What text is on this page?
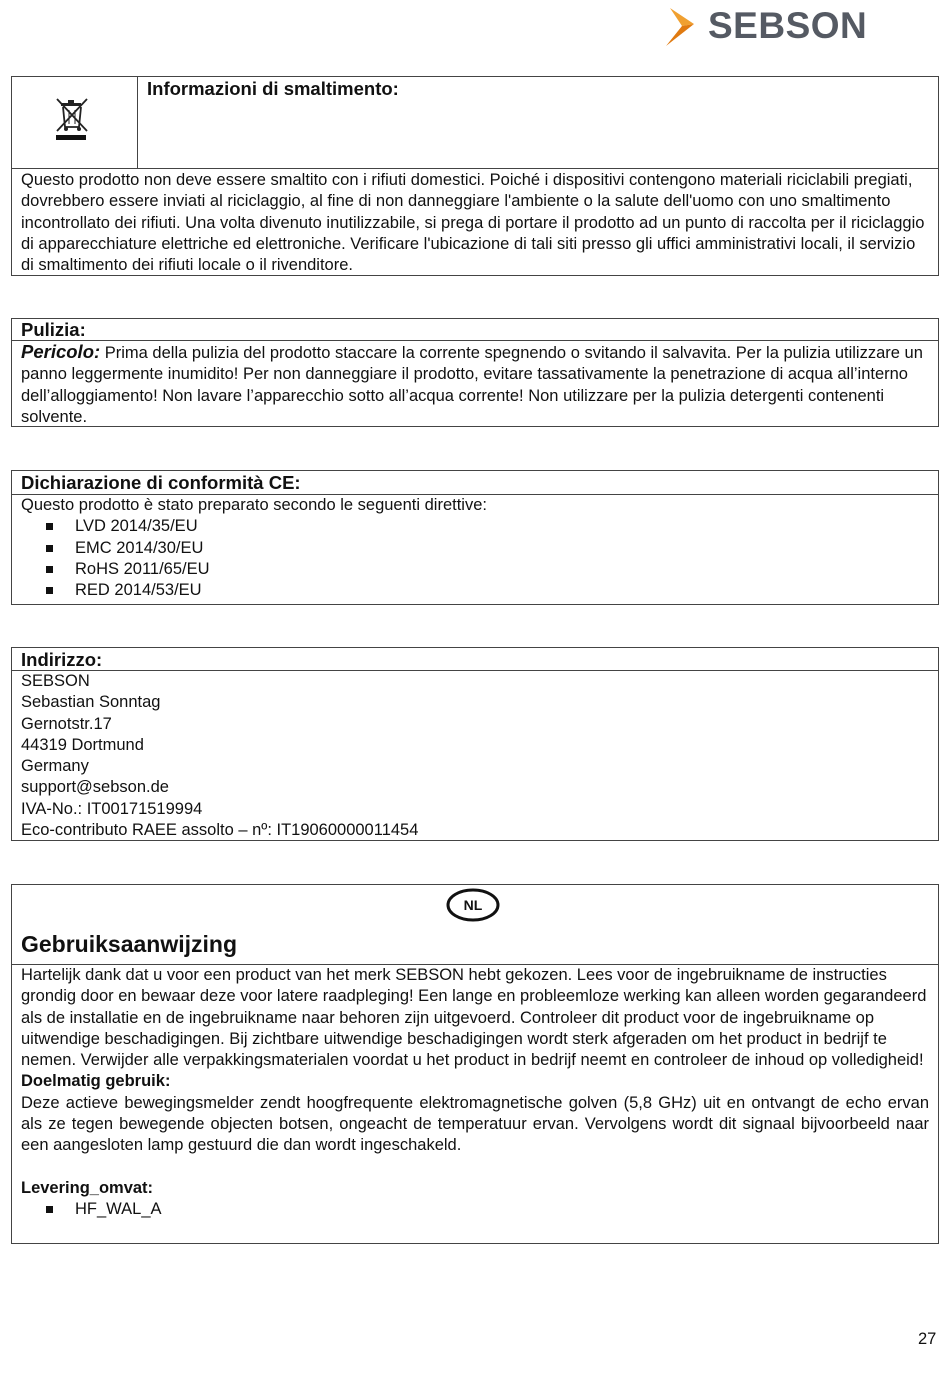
SEBSON
Informazioni di smaltimento:

Questo prodotto non deve essere smaltito con i rifiuti domestici. Poiché i dispositivi contengono materiali riciclabili pregiati, dovrebbero essere inviati al riciclaggio, al fine di non danneggiare l'ambiente o la salute dell'uomo con uno smaltimento incontrollato dei rifiuti. Una volta divenuto inutilizzabile, si prega di portare il prodotto ad un punto di raccolta per il riciclaggio di apparecchiature elettriche ed elettroniche. Verificare l'ubicazione di tali siti presso gli uffici amministrativi locali, il servizio di smaltimento dei rifiuti locale o il rivenditore.

Pulizia:

Pericolo: Prima della pulizia del prodotto staccare la corrente spegnendo o svitando il salvavita. Per la pulizia utilizzare un panno leggermente inumidito! Per non danneggiare il prodotto, evitare tassativamente la penetrazione di acqua all’interno dell’alloggiamento! Non lavare l’apparecchio sotto all’acqua corrente! Non utilizzare per la pulizia detergenti contenenti solvente.

Dichiarazione di conformità CE:

Questo prodotto è stato preparato secondo le seguenti direttive:

LVD 2014/35/EU
EMC 2014/30/EU
RoHS 2011/65/EU
RED 2014/53/EU
Indirizzo:
SEBSON
Sebastian Sonntag
Gernotstr.17
44319 Dortmund
Germany
support@sebson.de
IVA-No.: IT00171519994
Eco-contributo RAEE assolto – nº: IT19060000011454
NL
Gebruiksaanwijzing

Hartelijk dank dat u voor een product van het merk SEBSON hebt gekozen. Lees voor de ingebruikname de instructies grondig door en bewaar deze voor latere raadpleging! Een lange en probleemloze werking kan alleen worden gegarandeerd als de installatie en de ingebruikname naar behoren zijn uitgevoerd. Controleer dit product voor de ingebruikname op uitwendige beschadigingen. Bij zichtbare uitwendige beschadigingen wordt sterk afgeraden om het product in bedrijf te nemen. Verwijder alle verpakkingsmaterialen voordat u het product in bedrijf neemt en controleer de inhoud op volledigheid!

Doelmatig gebruik:

Deze actieve bewegingsmelder zendt hoogfrequente elektromagnetische golven (5,8 GHz) uit en ontvangt de echo ervan als ze tegen bewegende objecten botsen, ongeacht de temperatuur ervan. Vervolgens wordt dit signaal bijvoorbeeld naar een aangesloten lamp gestuurd die dan wordt ingeschakeld.

Levering_omvat:

HF_WAL_A
27
